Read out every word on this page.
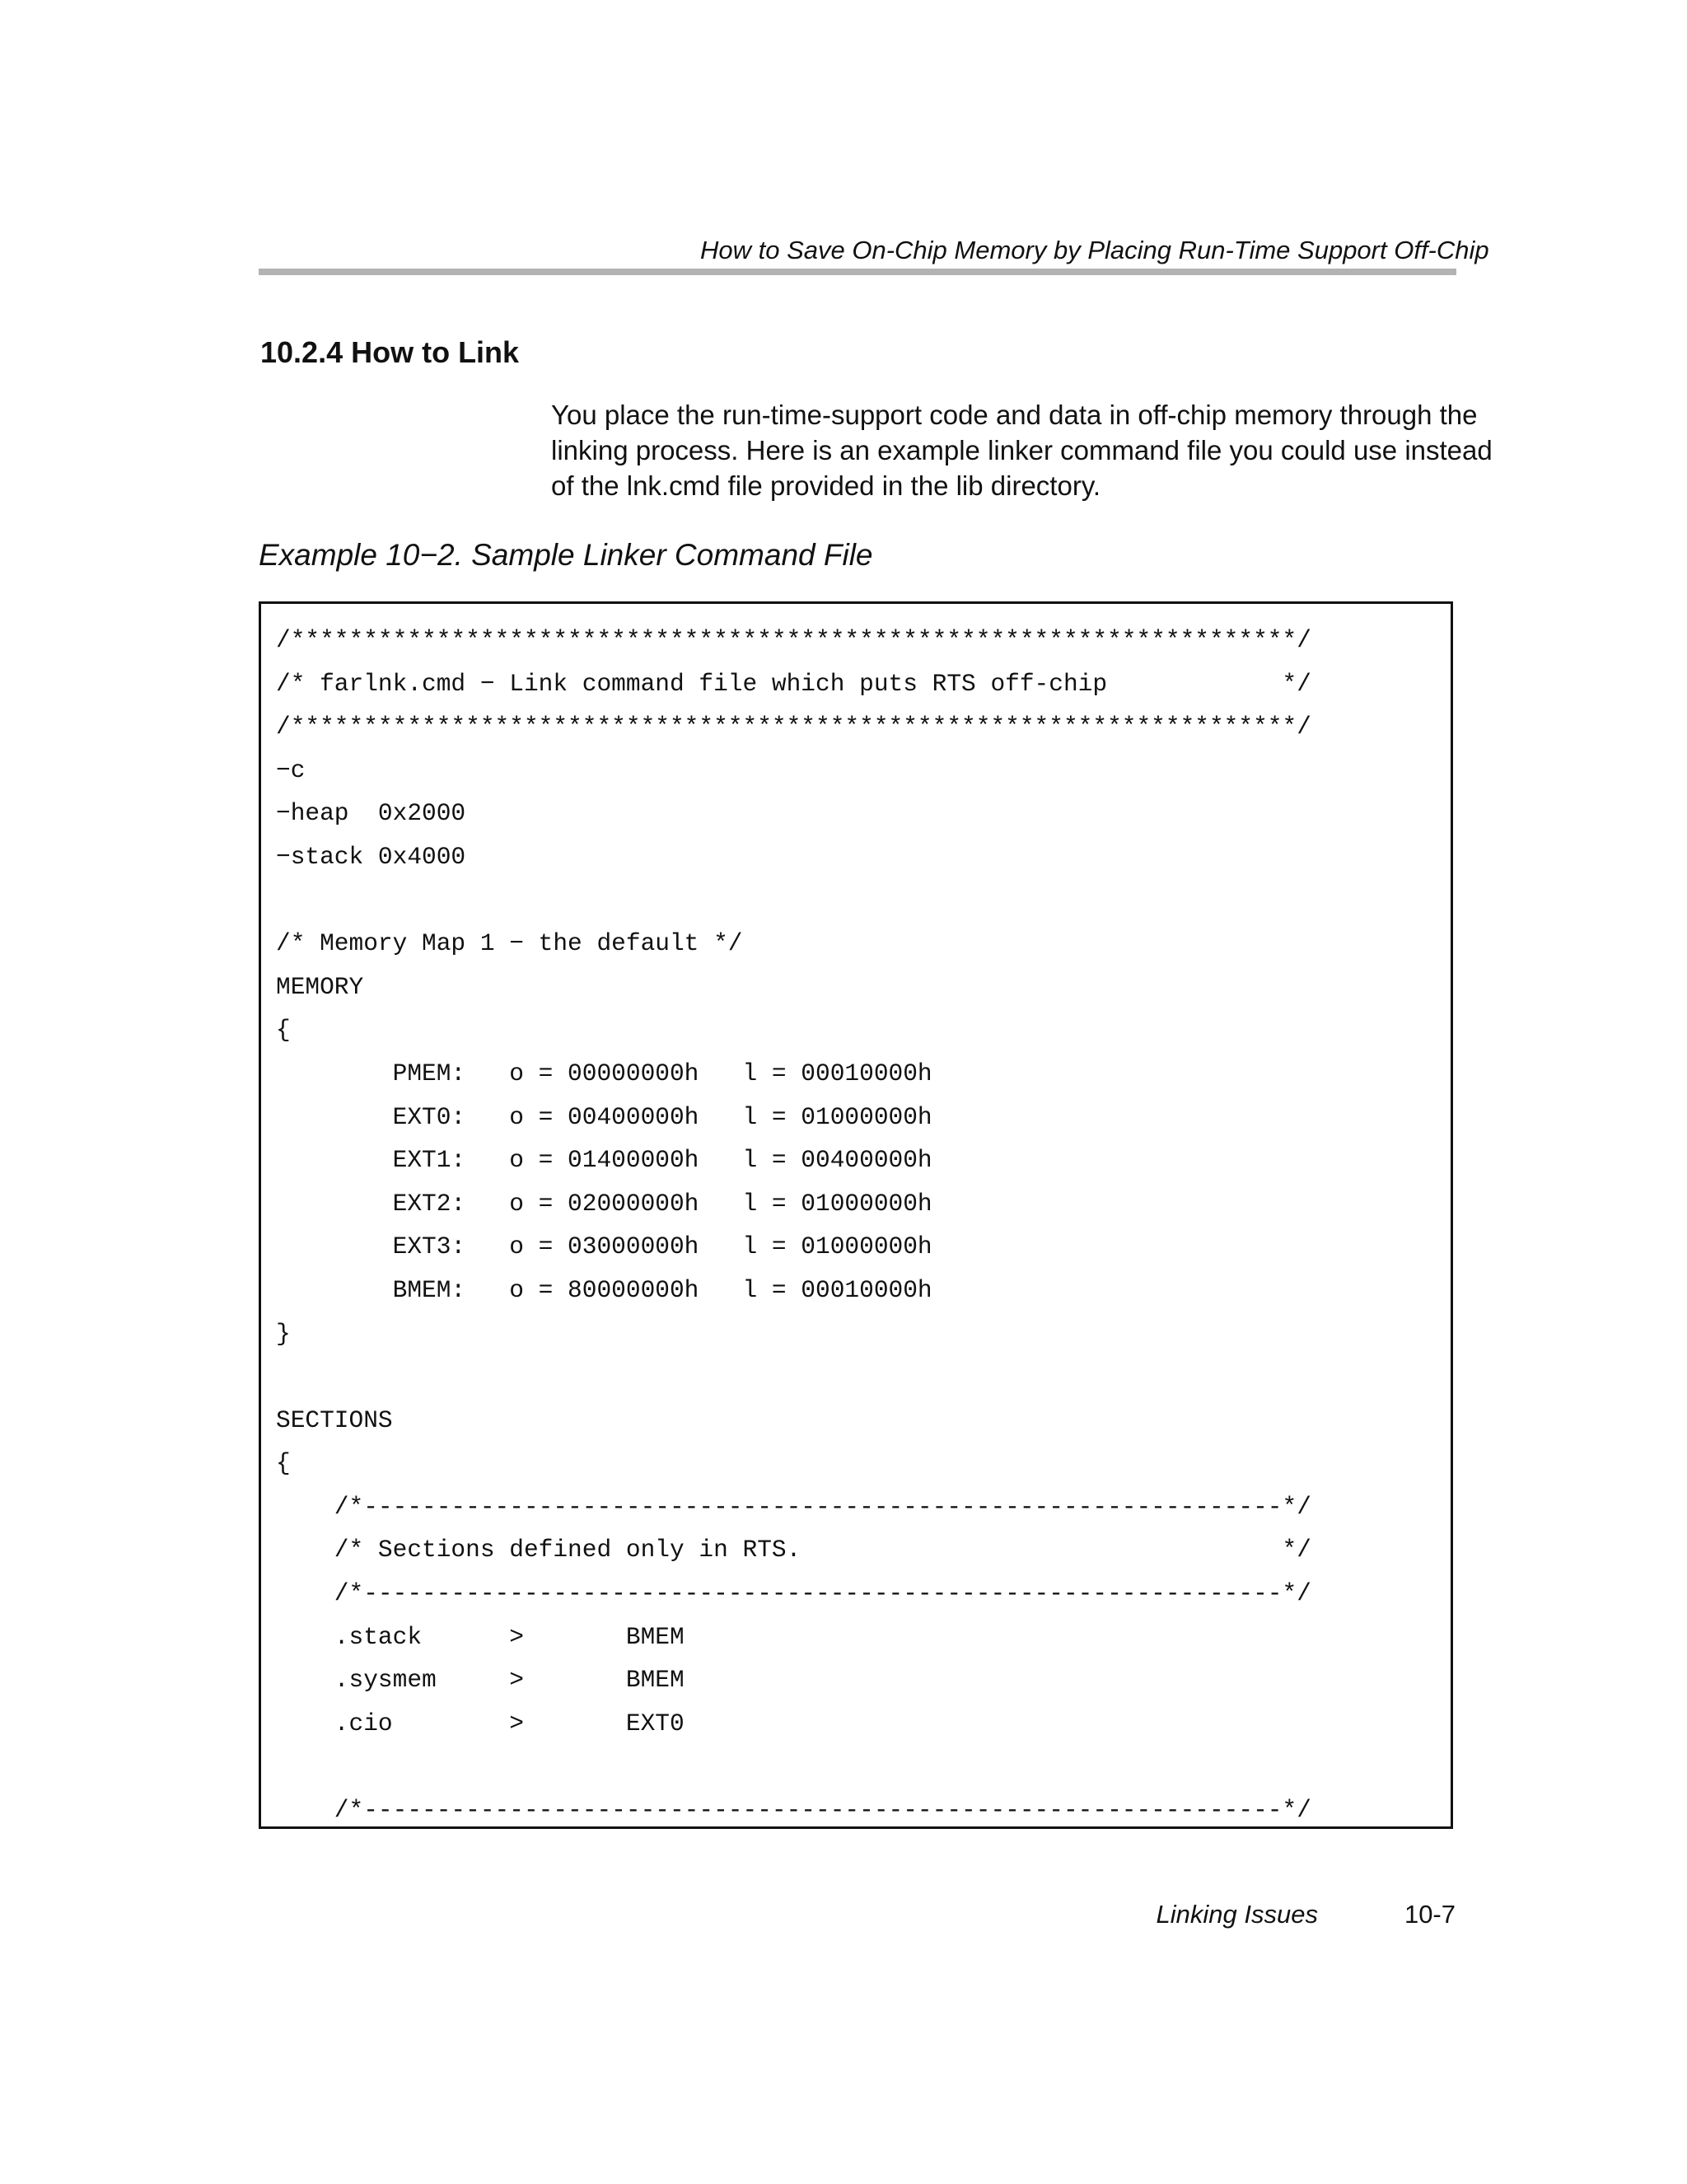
How to Save On-Chip Memory by Placing Run-Time Support Off-Chip
10.2.4 How to Link

You place the run-time-support code and data in off-chip memory through the
linking process. Here is an example linker command file you could use instead
of the lnk.cmd file provided in the lib directory.

Example 10−2. Sample Linker Command File
/*********************************************************************/
/* farlnk.cmd − Link command file which puts RTS off-chip            */
/*********************************************************************/
−c
−heap  0x2000
−stack 0x4000
/* Memory Map 1 − the default */
MEMORY
{
PMEM:   o = 00000000h   l = 00010000h
EXT0:   o = 00400000h   l = 01000000h
EXT1:   o = 01400000h   l = 00400000h
EXT2:   o = 02000000h   l = 01000000h
EXT3:   o = 03000000h   l = 01000000h
BMEM:   o = 80000000h   l = 00010000h
}
SECTIONS
{
/*---------------------------------------------------------------*/
/* Sections defined only in RTS.                                 */
/*---------------------------------------------------------------*/
.stack      >       BMEM
.sysmem     >       BMEM
.cio        >       EXT0
/*---------------------------------------------------------------*/
Linking Issues	10-7
